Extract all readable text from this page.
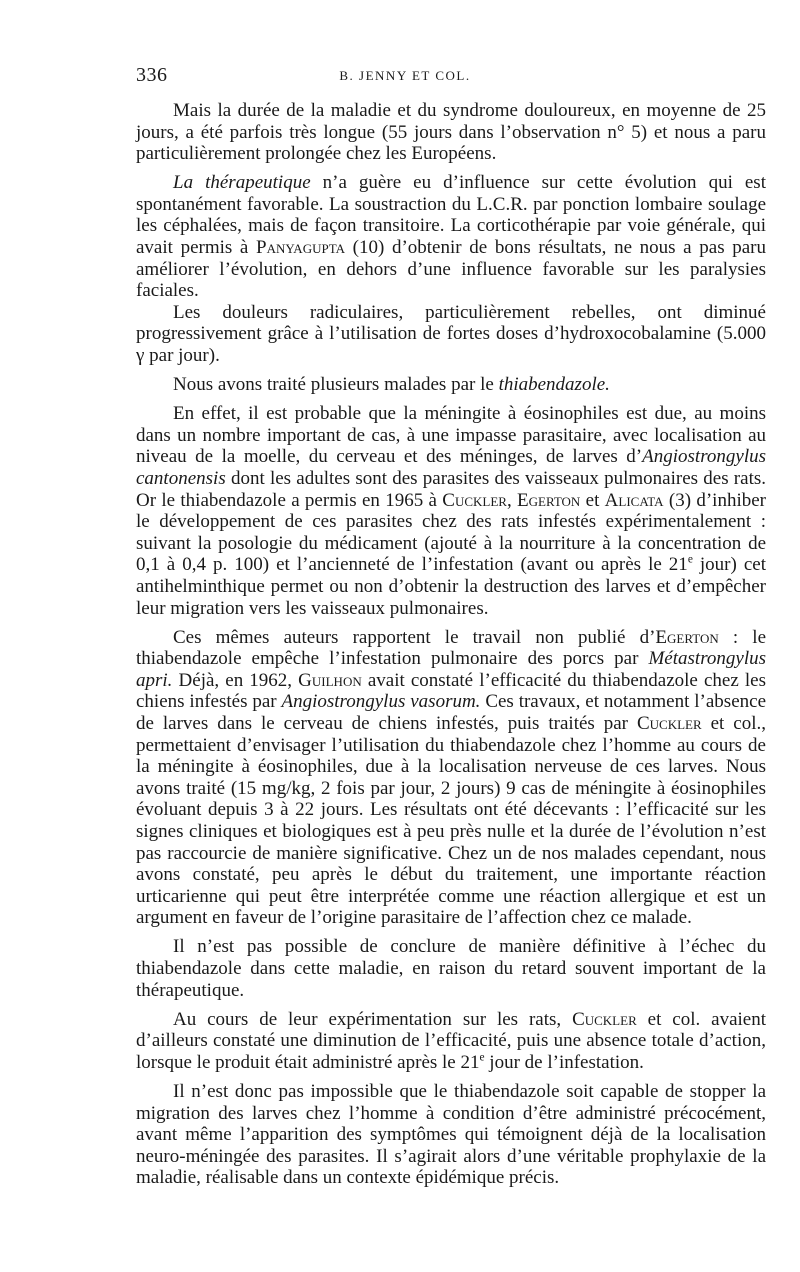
336	B. JENNY ET COL.

Mais la durée de la maladie et du syndrome douloureux, en moyenne de 25 jours, a été parfois très longue (55 jours dans l’observation n° 5) et nous a paru particulièrement prolongée chez les Européens.

La thérapeutique n’a guère eu d’influence sur cette évolution qui est spontanément favorable. La soustraction du L.C.R. par ponction lombaire soulage les céphalées, mais de façon transitoire. La corticothérapie par voie générale, qui avait permis à Panyagupta (10) d’obtenir de bons résultats, ne nous a pas paru améliorer l’évolution, en dehors d’une influence favorable sur les paralysies faciales.

Les douleurs radiculaires, particulièrement rebelles, ont diminué progressivement grâce à l’utilisation de fortes doses d’hydroxocobalamine (5.000 γ par jour).

Nous avons traité plusieurs malades par le thiabendazole.

En effet, il est probable que la méningite à éosinophiles est due, au moins dans un nombre important de cas, à une impasse parasitaire, avec localisation au niveau de la moelle, du cerveau et des méninges, de larves d’Angiostrongylus cantonensis dont les adultes sont des parasites des vaisseaux pulmonaires des rats. Or le thiabendazole a permis en 1965 à Cuckler, Egerton et Alicata (3) d’inhiber le développement de ces parasites chez des rats infestés expérimentalement : suivant la posologie du médicament (ajouté à la nourriture à la concentration de 0,1 à 0,4 p. 100) et l’ancienneté de l’infestation (avant ou après le 21e jour) cet antihelminthique permet ou non d’obtenir la destruction des larves et d’empêcher leur migration vers les vaisseaux pulmonaires.

Ces mêmes auteurs rapportent le travail non publié d’Egerton : le thiabendazole empêche l’infestation pulmonaire des porcs par Métastrongylus apri. Déjà, en 1962, Guilhon avait constaté l’efficacité du thiabendazole chez les chiens infestés par Angiostrongylus vasorum. Ces travaux, et notamment l’absence de larves dans le cerveau de chiens infestés, puis traités par Cuckler et col., permettaient d’envisager l’utilisation du thiabendazole chez l’homme au cours de la méningite à éosinophiles, due à la localisation nerveuse de ces larves. Nous avons traité (15 mg/kg, 2 fois par jour, 2 jours) 9 cas de méningite à éosinophiles évoluant depuis 3 à 22 jours. Les résultats ont été décevants : l’efficacité sur les signes cliniques et biologiques est à peu près nulle et la durée de l’évolution n’est pas raccourcie de manière significative. Chez un de nos malades cependant, nous avons constaté, peu après le début du traitement, une importante réaction urticarienne qui peut être interprétée comme une réaction allergique et est un argument en faveur de l’origine parasitaire de l’affection chez ce malade.

Il n’est pas possible de conclure de manière définitive à l’échec du thiabendazole dans cette maladie, en raison du retard souvent important de la thérapeutique.

Au cours de leur expérimentation sur les rats, Cuckler et col. avaient d’ailleurs constaté une diminution de l’efficacité, puis une absence totale d’action, lorsque le produit était administré après le 21e jour de l’infestation.

Il n’est donc pas impossible que le thiabendazole soit capable de stopper la migration des larves chez l’homme à condition d’être administré précocément, avant même l’apparition des symptômes qui témoignent déjà de la localisation neuro-méningée des parasites. Il s’agirait alors d’une véritable prophylaxie de la maladie, réalisable dans un contexte épidémique précis.
